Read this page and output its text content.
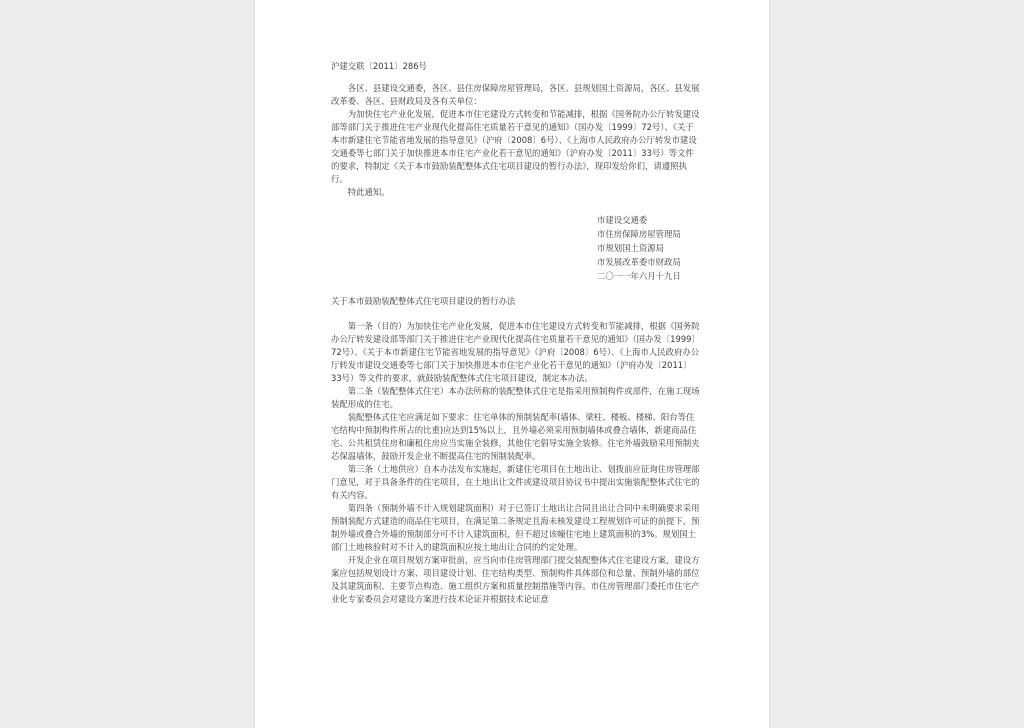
沪建交联〔2011〕286号

各区、县建设交通委，各区、县住房保障房屋管理局，各区、县规划国土资源局，各区、县发展改革委、各区、县财政局及各有关单位：

为加快住宅产业化发展，促进本市住宅建设方式转变和节能减排，根据《国务院办公厅转发建设部等部门关于推进住宅产业现代化提高住宅质量若干意见的通知》（国办发〔1999〕72号）、《关于本市新建住宅节能省地发展的指导意见》（沪府〔2008〕6号）、《上海市人民政府办公厅转发市建设交通委等七部门关于加快推进本市住宅产业化若干意见的通知》（沪府办发〔2011〕33号）等文件的要求，特制定《关于本市鼓励装配整体式住宅项目建设的暂行办法》，现印发给你们，请遵照执行。

特此通知。

市建设交通委
市住房保障房屋管理局
市规划国土资源局
市发展改革委市财政局
二〇一一年六月十九日

关于本市鼓励装配整体式住宅项目建设的暂行办法

第一条（目的）为加快住宅产业化发展，促进本市住宅建设方式转变和节能减排，根据《国务院办公厅转发建设部等部门关于推进住宅产业现代化提高住宅质量若干意见的通知》（国办发〔1999〕72号）、《关于本市新建住宅节能省地发展的指导意见》（沪府〔2008〕6号）、《上海市人民政府办公厅转发市建设交通委等七部门关于加快推进本市住宅产业化若干意见的通知》（沪府办发〔2011〕33号）等文件的要求，就鼓励装配整体式住宅项目建设，制定本办法。

第二条（装配整体式住宅）本办法所称的装配整体式住宅是指采用预制构件或部件，在施工现场装配形成的住宅。

装配整体式住宅应满足如下要求：住宅单体的预制装配率(墙体、梁柱、楼板、楼梯、阳台等住宅结构中预制构件所占的比重)应达到15%以上，且外墙必须采用预制墙体或叠合墙体，新建商品住宅、公共租赁住房和廉租住房应当实施全装修，其他住宅倡导实施全装修。住宅外墙鼓励采用预制夹芯保温墙体，鼓励开发企业不断提高住宅的预制装配率。

第三条（土地供应）自本办法发布实施起，新建住宅项目在土地出让、划拨前应征询住房管理部门意见，对于具备条件的住宅项目，在土地出让文件或建设项目协议书中提出实施装配整体式住宅的有关内容。

第四条（预制外墙不计入规划建筑面积）对于已签订土地出让合同且出让合同中未明确要求采用预制装配方式建造的商品住宅项目，在满足第二条规定且海未核发建设工程规划许可证的前提下，预制外墙或叠合外墙的预制部分可不计入建筑面积，但不超过该幢住宅地上建筑面积的3%。规划国土部门土地核验时对不计入的建筑面积应按土地出让合同的约定处理。

开发企业在项目规划方案审批前，应当向市住房管理部门提交装配整体式住宅建设方案，建设方案应包括规划设计方案、项目建设计划、住宅结构类型、预制构件具体部位和总量、预制外墙的部位及其建筑面积、主要节点构造、施工组织方案和质量控制措施等内容。市住房管理部门委托市住宅产业化专家委员会对建设方案进行技术论证并根据技术论证意
